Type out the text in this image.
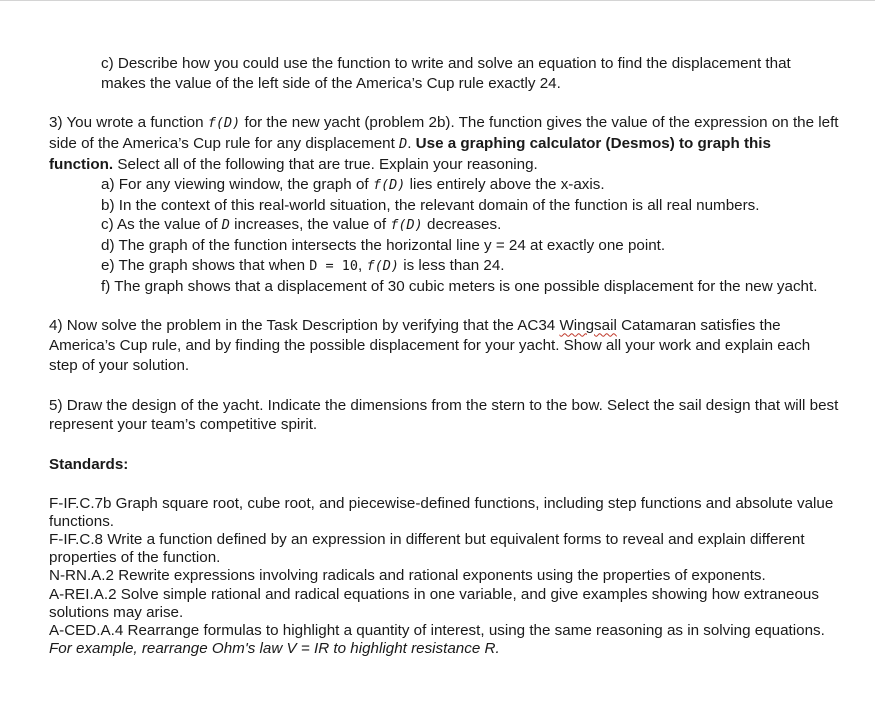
c) Describe how you could use the function to write and solve an equation to find the displacement that makes the value of the left side of the America’s Cup rule exactly 24.

3) You wrote a function f(D) for the new yacht (problem 2b). The function gives the value of the expression on the left side of the America’s Cup rule for any displacement D. Use a graphing calculator (Desmos) to graph this function. Select all of the following that are true. Explain your reasoning.

a) For any viewing window, the graph of f(D) lies entirely above the x-axis.

b) In the context of this real-world situation, the relevant domain of the function is all real numbers.

c) As the value of D increases, the value of f(D) decreases.

d) The graph of the function intersects the horizontal line y = 24 at exactly one point.

e) The graph shows that when D = 10, f(D) is less than 24.

f) The graph shows that a displacement of 30 cubic meters is one possible displacement for the new yacht.

4) Now solve the problem in the Task Description by verifying that the AC34 Wingsail Catamaran satisfies the America’s Cup rule, and by finding the possible displacement for your yacht. Show all your work and explain each step of your solution.

5) Draw the design of the yacht. Indicate the dimensions from the stern to the bow. Select the sail design that will best represent your team’s competitive spirit.

Standards:

F-IF.C.7b Graph square root, cube root, and piecewise-defined functions, including step functions and absolute value functions.

F-IF.C.8 Write a function defined by an expression in different but equivalent forms to reveal and explain different properties of the function.

N-RN.A.2 Rewrite expressions involving radicals and rational exponents using the properties of exponents.

A-REI.A.2 Solve simple rational and radical equations in one variable, and give examples showing how extraneous solutions may arise.

A-CED.A.4 Rearrange formulas to highlight a quantity of interest, using the same reasoning as in solving equations. For example, rearrange Ohm's law V = IR to highlight resistance R.
